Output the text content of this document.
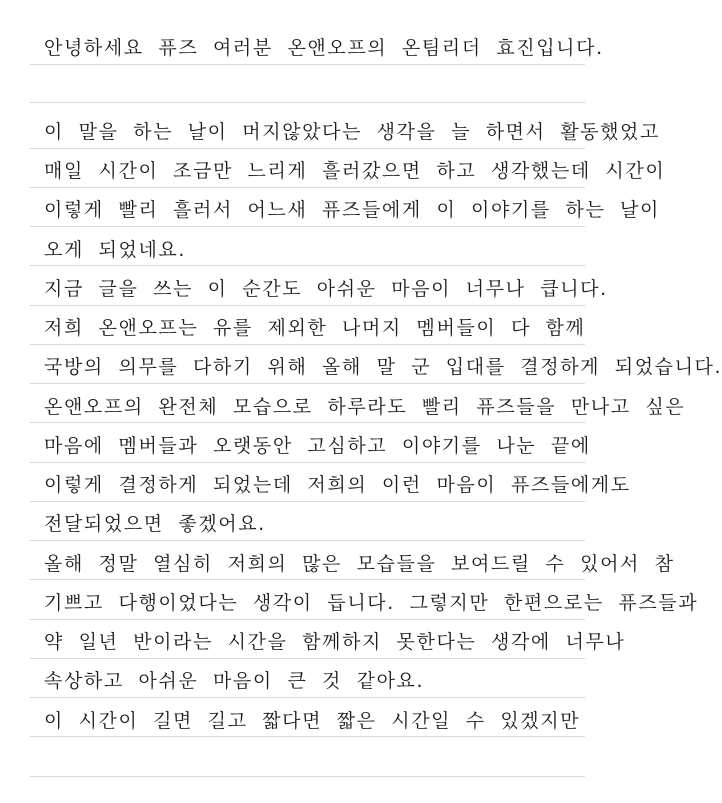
안녕하세요 퓨즈 여러분 온앤오프의 온팀리더 효진입니다.
이 말을 하는 날이 머지않았다는 생각을 늘 하면서 활동했었고
매일 시간이 조금만 느리게 흘러갔으면 하고 생각했는데 시간이
이렇게 빨리 흘러서 어느새 퓨즈들에게 이 이야기를 하는 날이
오게 되었네요.
지금 글을 쓰는 이 순간도 아쉬운 마음이 너무나 큽니다.
저희 온앤오프는 유를 제외한 나머지 멤버들이 다 함께
국방의 의무를 다하기 위해 올해 말 군 입대를 결정하게 되었습니다.
온앤오프의 완전체 모습으로 하루라도 빨리 퓨즈들을 만나고 싶은
마음에 멤버들과 오랫동안 고심하고 이야기를 나눈 끝에
이렇게 결정하게 되었는데 저희의 이런 마음이 퓨즈들에게도
전달되었으면 좋겠어요.
올해 정말 열심히 저희의 많은 모습들을 보여드릴 수 있어서 참
기쁘고 다행이었다는 생각이 듭니다. 그렇지만 한편으로는 퓨즈들과
약 일년 반이라는 시간을 함께하지 못한다는 생각에 너무나
속상하고 아쉬운 마음이 큰 것 같아요.
이 시간이 길면 길고 짧다면 짧은 시간일 수 있겠지만
